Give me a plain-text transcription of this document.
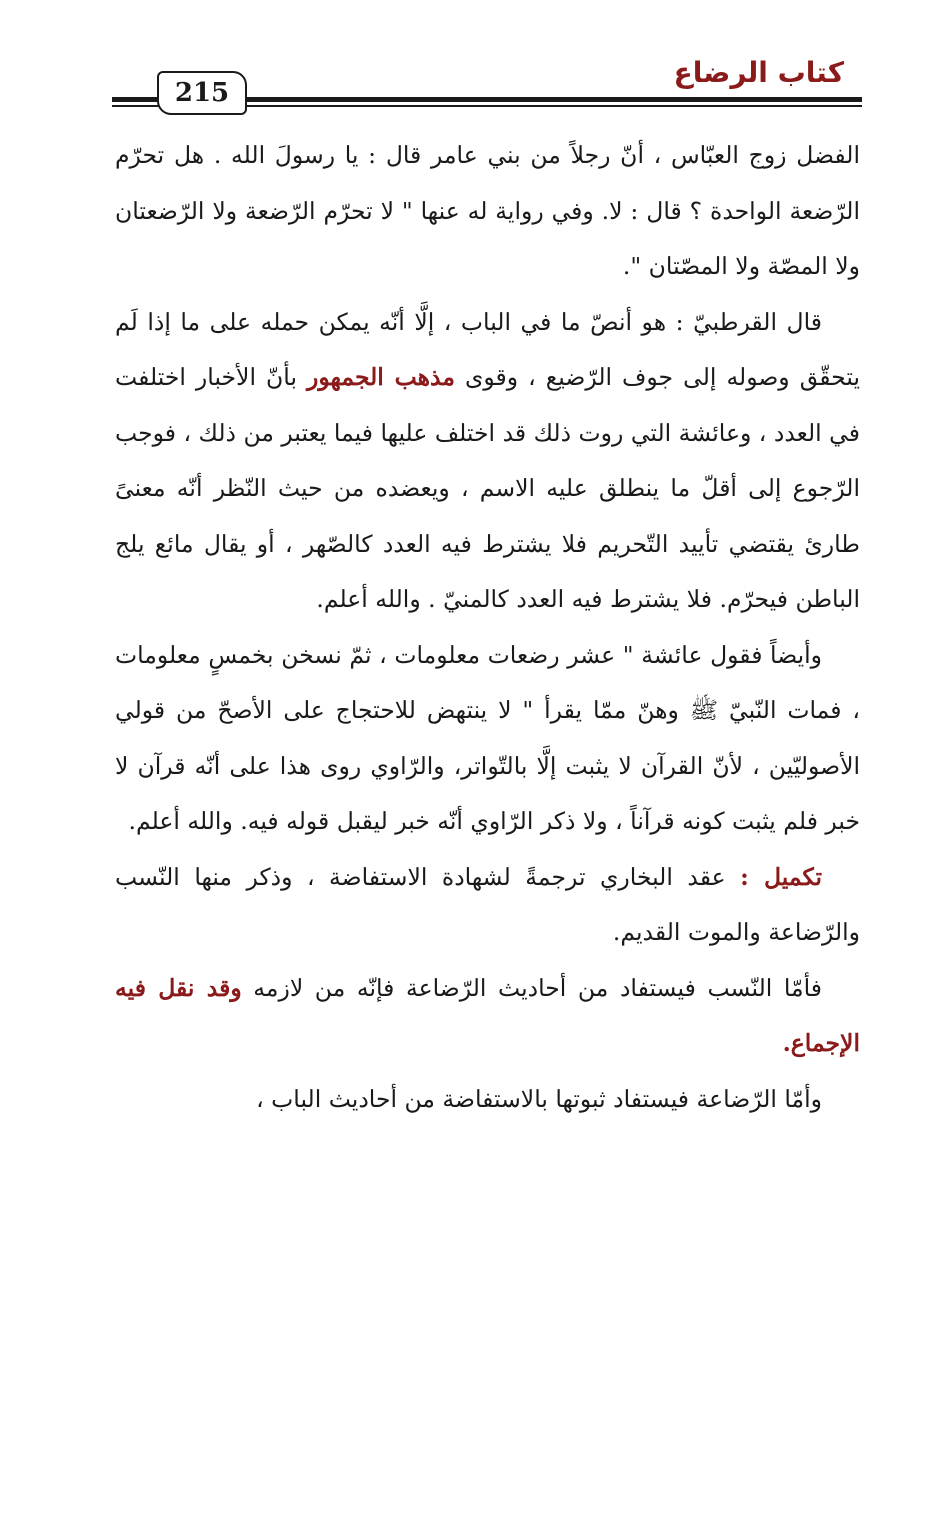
كتاب الرضاع
215

الفضل زوج العبّاس ، أنّ رجلاً من بني عامر قال : يا رسولَ الله . هل تحرّم الرّضعة الواحدة ؟ قال : لا. وفي رواية له عنها " لا تحرّم الرّضعة ولا الرّضعتان ولا المصّة ولا المصّتان ".

قال القرطبيّ : هو أنصّ ما في الباب ، إلَّا أنّه يمكن حمله على ما إذا لَم يتحقّق وصوله إلى جوف الرّضيع ، وقوى مذهب الجمهور بأنّ الأخبار اختلفت في العدد ، وعائشة التي روت ذلك قد اختلف عليها فيما يعتبر من ذلك ، فوجب الرّجوع إلى أقلّ ما ينطلق عليه الاسم ، ويعضده من حيث النّظر أنّه معنىً طارئ يقتضي تأييد التّحريم فلا يشترط فيه العدد كالصّهر ، أو يقال مائع يلج الباطن فيحرّم. فلا يشترط فيه العدد كالمنيّ . والله أعلم.

وأيضاً فقول عائشة " عشر رضعات معلومات ، ثمّ نسخن بخمسٍ معلومات ، فمات النّبيّ ﷺ وهنّ ممّا يقرأ " لا ينتهض للاحتجاج على الأصحّ من قولي الأصوليّين ، لأنّ القرآن لا يثبت إلَّا بالتّواتر، والرّاوي روى هذا على أنّه قرآن لا خبر فلم يثبت كونه قرآناً ، ولا ذكر الرّاوي أنّه خبر ليقبل قوله فيه. والله أعلم.

تكميل : عقد البخاري ترجمةً لشهادة الاستفاضة ، وذكر منها النّسب والرّضاعة والموت القديم.

فأمّا النّسب فيستفاد من أحاديث الرّضاعة فإنّه من لازمه وقد نقل فيه الإجماع.

وأمّا الرّضاعة فيستفاد ثبوتها بالاستفاضة من أحاديث الباب ،
